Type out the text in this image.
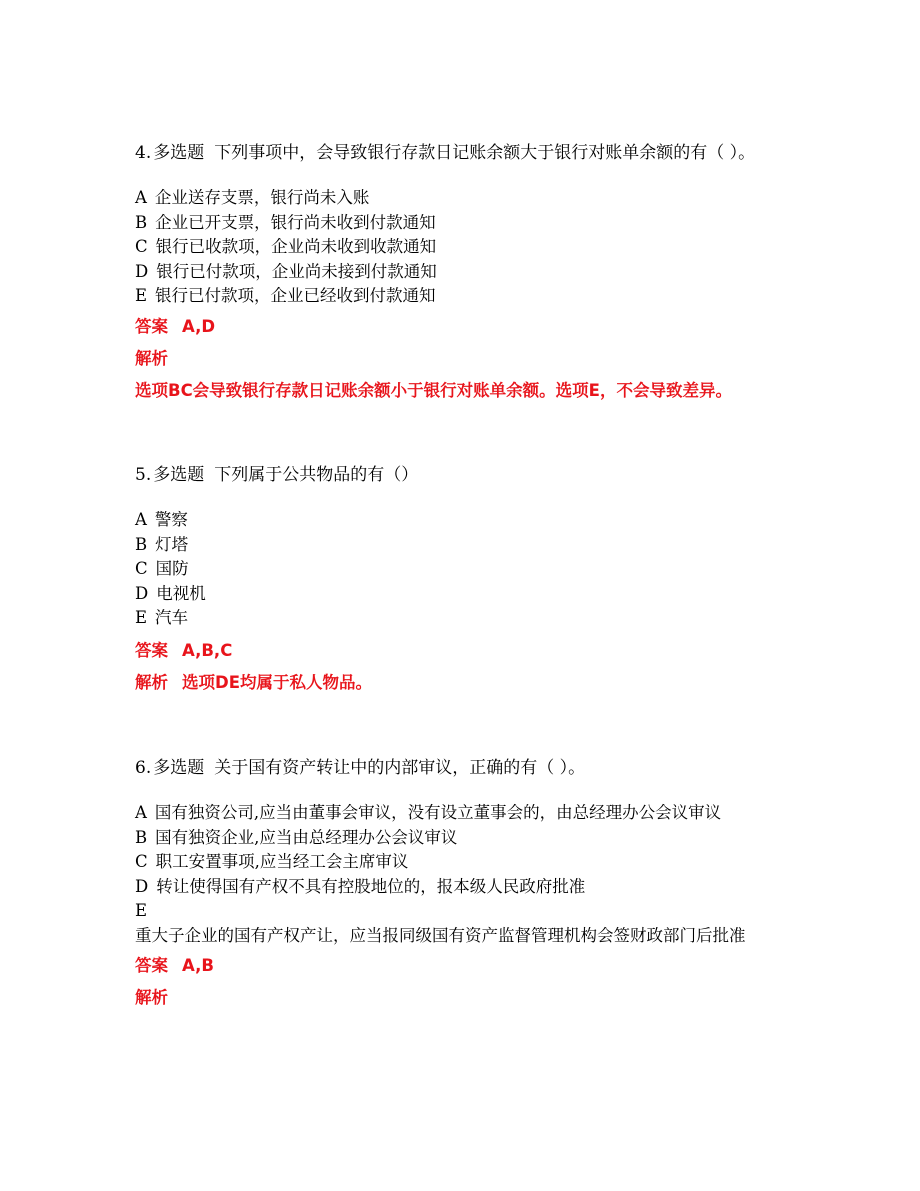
4. 多选题 下列事项中，会导致银行存款日记账余额大于银行对账单余额的有（ ）。

A 企业送存支票，银行尚未入账
B 企业已开支票，银行尚未收到付款通知
C 银行已收款项，企业尚未收到收款通知
D 银行已付款项，企业尚未接到付款通知
E 银行已付款项，企业已经收到付款通知
答案 A,D
解析
选项BC会导致银行存款日记账余额小于银行对账单余额。选项E，不会导致差异。

5. 多选题 下列属于公共物品的有（）

A 警察
B 灯塔
C 国防
D 电视机
E 汽车
答案 A,B,C
解析 选项DE均属于私人物品。

6. 多选题 关于国有资产转让中的内部审议，正确的有（ ）。

A 国有独资公司,应当由董事会审议，没有设立董事会的，由总经理办公会议审议
B 国有独资企业,应当由总经理办公会议审议
C 职工安置事项,应当经工会主席审议
D 转让使得国有产权不具有控股地位的，报本级人民政府批准
E
重大子企业的国有产权产让，应当报同级国有资产监督管理机构会签财政部门后批准
答案 A,B
解析
